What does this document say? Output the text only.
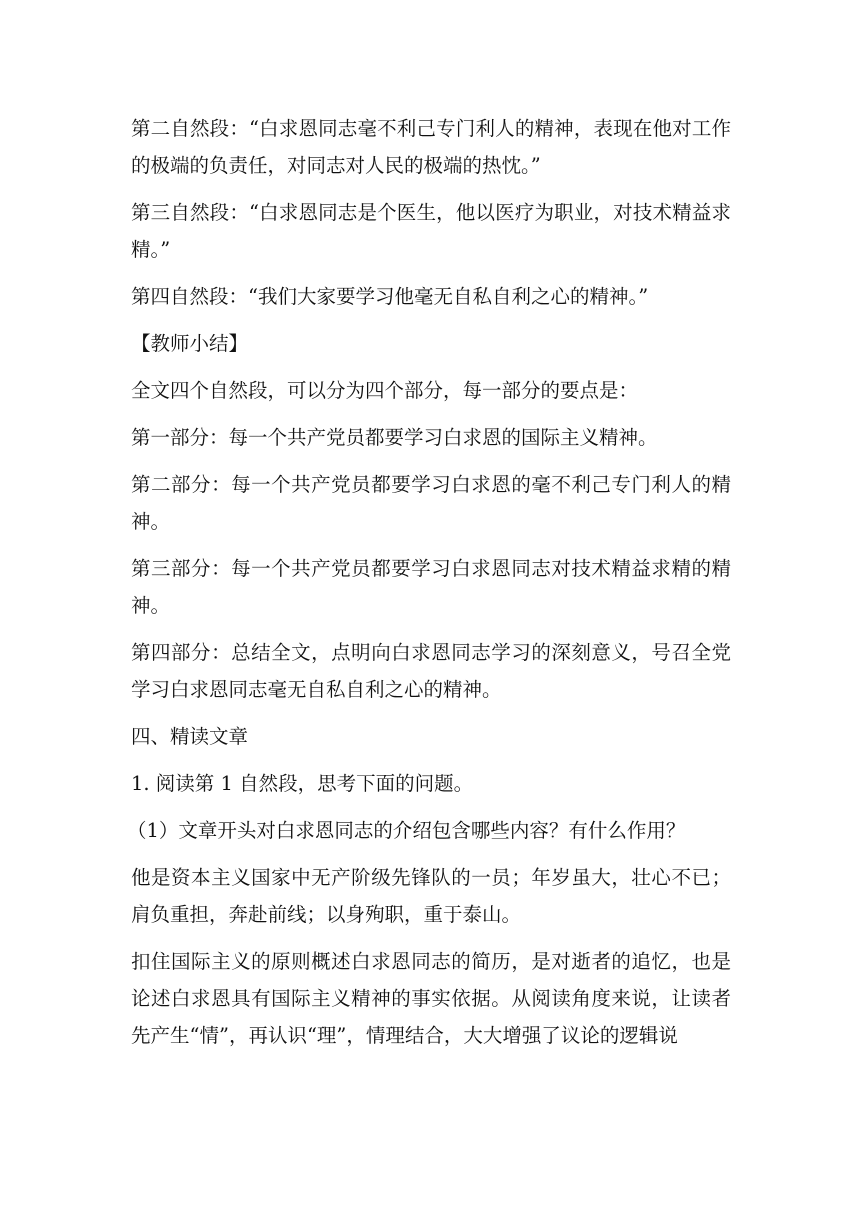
第二自然段：“白求恩同志毫不利己专门利人的精神，表现在他对工作的极端的负责任，对同志对人民的极端的热忱。”

第三自然段：“白求恩同志是个医生，他以医疗为职业，对技术精益求精。”

第四自然段：“我们大家要学习他毫无自私自利之心的精神。”

【教师小结】

全文四个自然段，可以分为四个部分，每一部分的要点是：

第一部分：每一个共产党员都要学习白求恩的国际主义精神。

第二部分：每一个共产党员都要学习白求恩的毫不利己专门利人的精神。

第三部分：每一个共产党员都要学习白求恩同志对技术精益求精的精神。

第四部分：总结全文，点明向白求恩同志学习的深刻意义，号召全党学习白求恩同志毫无自私自利之心的精神。

四、精读文章

1. 阅读第 1 自然段，思考下面的问题。

（1）文章开头对白求恩同志的介绍包含哪些内容？有什么作用？

他是资本主义国家中无产阶级先锋队的一员；年岁虽大，壮心不已；肩负重担，奔赴前线；以身殉职，重于泰山。

扣住国际主义的原则概述白求恩同志的简历，是对逝者的追忆，也是论述白求恩具有国际主义精神的事实依据。从阅读角度来说，让读者先产生“情”，再认识“理”，情理结合，大大增强了议论的逻辑说
